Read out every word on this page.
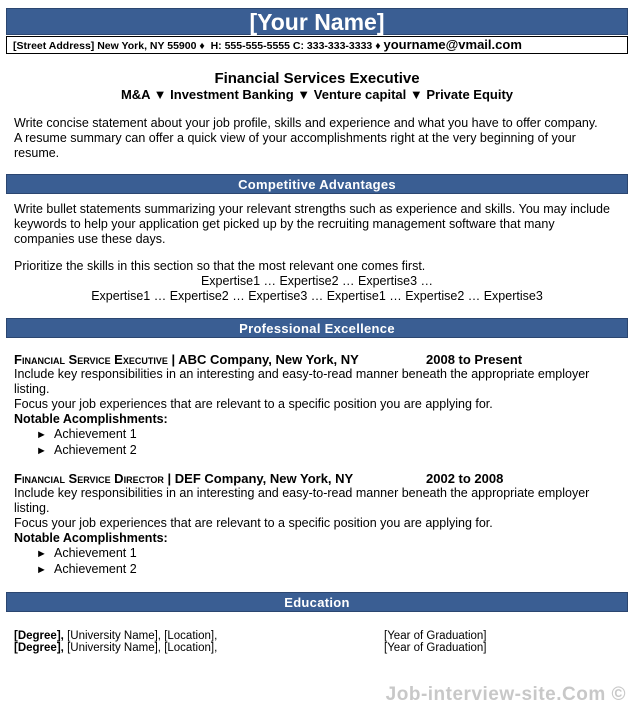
[Your Name]
[Street Address] New York, NY 55900 ♦ H: 555-555-5555 C: 333-333-3333 ♦ yourname@vmail.com
Financial Services Executive
M&A ▼ Investment Banking ▼ Venture capital ▼ Private Equity
Write concise statement about your job profile, skills and experience and what you have to offer company.
A resume summary can offer a quick view of your accomplishments right at the very beginning of your
resume.
Competitive Advantages
Write bullet statements summarizing your relevant strengths such as experience and skills. You may include
keywords to help your application get picked up by the recruiting management software that many
companies use these days.
Prioritize the skills in this section so that the most relevant one comes first.
Expertise1 … Expertise2 … Expertise3 …
Expertise1 … Expertise2 … Expertise3 … Expertise1 … Expertise2 … Expertise3
Professional Excellence
Financial Service Executive | ABC Company, New York, NY	2008 to Present
Include key responsibilities in an interesting and easy-to-read manner beneath the appropriate employer
listing.
Focus your job experiences that are relevant to a specific position you are applying for.
Notable Acomplishments:
► Achievement 1
► Achievement 2
Financial Service Director | DEF Company, New York, NY	2002 to 2008
Include key responsibilities in an interesting and easy-to-read manner beneath the appropriate employer
listing.
Focus your job experiences that are relevant to a specific position you are applying for.
Notable Acomplishments:
► Achievement 1
► Achievement 2
Education
[Degree], [University Name], [Location],	[Year of Graduation]
[Degree], [University Name], [Location],	[Year of Graduation]
Job-interview-site.Com ©
